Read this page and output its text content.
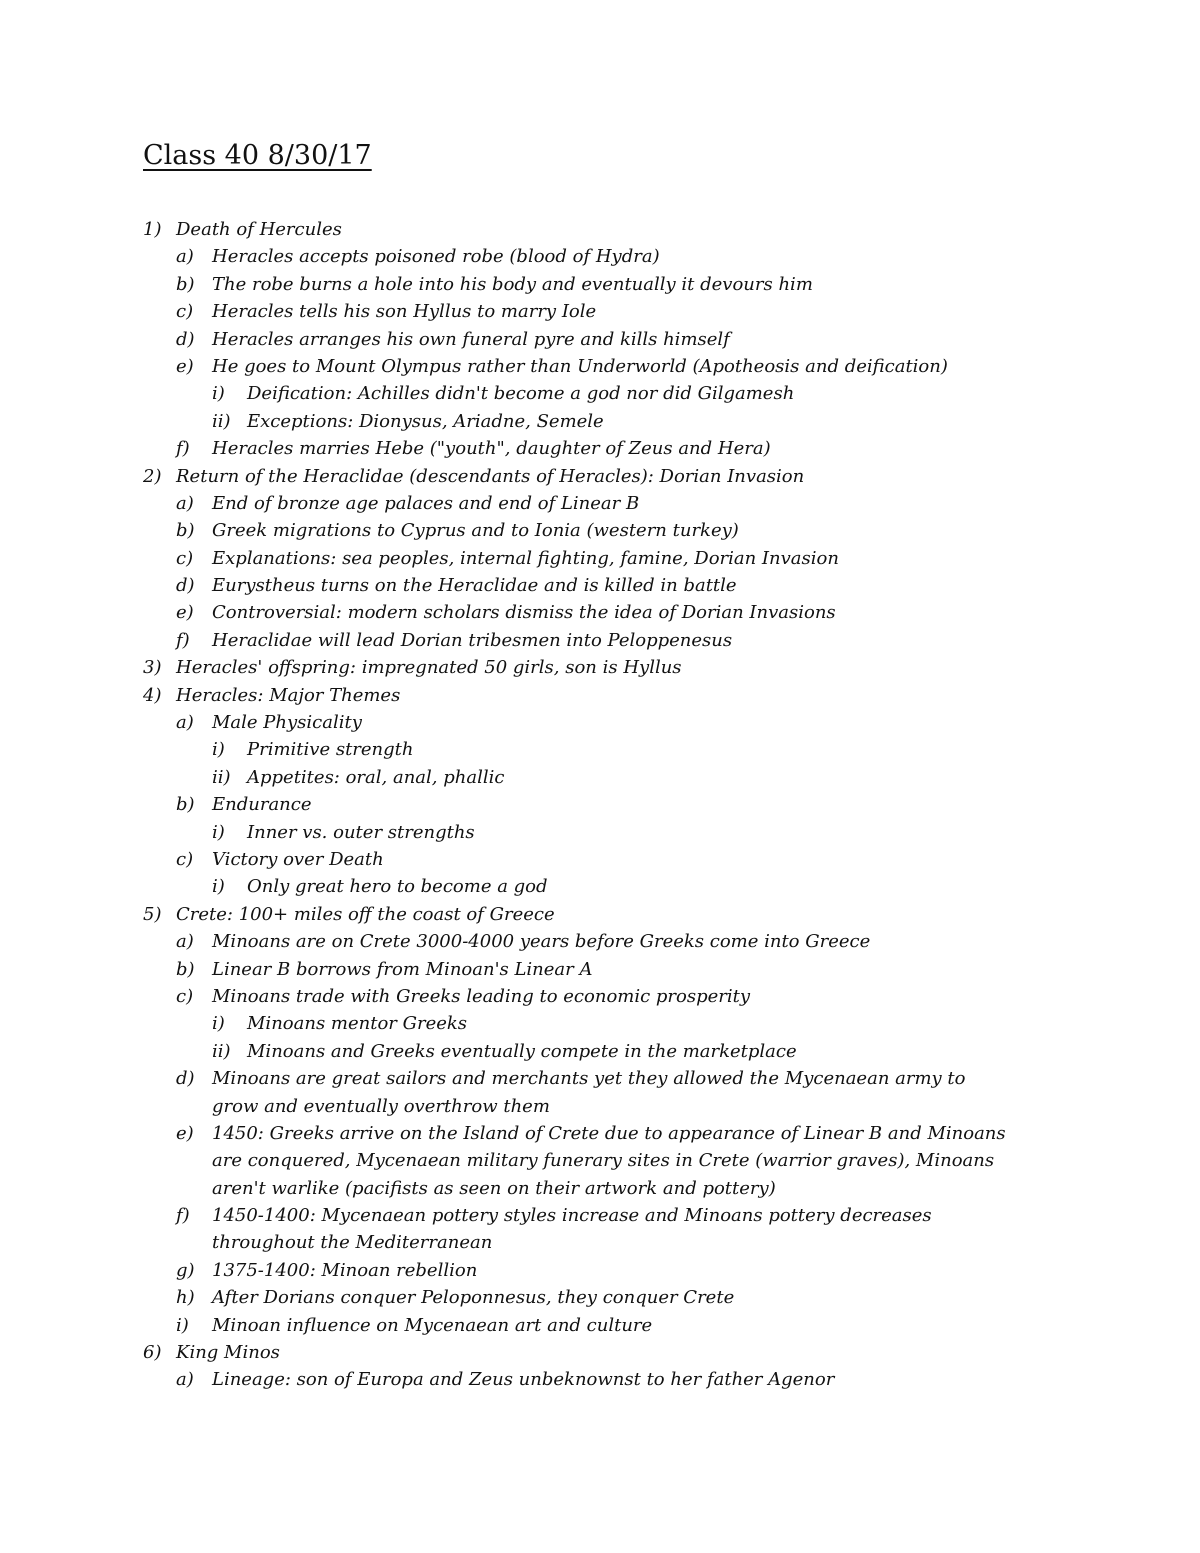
Class 40 8/30/17
1) Death of Hercules
a) Heracles accepts poisoned robe (blood of Hydra)
b) The robe burns a hole into his body and eventually it devours him
c) Heracles tells his son Hyllus to marry Iole
d) Heracles arranges his own funeral pyre and kills himself
e) He goes to Mount Olympus rather than Underworld (Apotheosis and deification)
i) Deification: Achilles didn't become a god nor did Gilgamesh
ii) Exceptions: Dionysus, Ariadne, Semele
f) Heracles marries Hebe ("youth", daughter of Zeus and Hera)
2) Return of the Heraclidae (descendants of Heracles): Dorian Invasion
a) End of bronze age palaces and end of Linear B
b) Greek migrations to Cyprus and to Ionia (western turkey)
c) Explanations: sea peoples, internal fighting, famine, Dorian Invasion
d) Eurystheus turns on the Heraclidae and is killed in battle
e) Controversial: modern scholars dismiss the idea of Dorian Invasions
f) Heraclidae will lead Dorian tribesmen into Peloppenesus
3) Heracles' offspring: impregnated 50 girls, son is Hyllus
4) Heracles: Major Themes
a) Male Physicality
i) Primitive strength
ii) Appetites: oral, anal, phallic
b) Endurance
i) Inner vs. outer strengths
c) Victory over Death
i) Only great hero to become a god
5) Crete: 100+ miles off the coast of Greece
a) Minoans are on Crete 3000-4000 years before Greeks come into Greece
b) Linear B borrows from Minoan's Linear A
c) Minoans trade with Greeks leading to economic prosperity
i) Minoans mentor Greeks
ii) Minoans and Greeks eventually compete in the marketplace
d) Minoans are great sailors and merchants yet they allowed the Mycenaean army to
grow and eventually overthrow them
e) 1450: Greeks arrive on the Island of Crete due to appearance of Linear B and Minoans
are conquered, Mycenaean military funerary sites in Crete (warrior graves), Minoans
aren't warlike (pacifists as seen on their artwork and pottery)
f) 1450-1400: Mycenaean pottery styles increase and Minoans pottery decreases
throughout the Mediterranean
g) 1375-1400: Minoan rebellion
h) After Dorians conquer Peloponnesus, they conquer Crete
i) Minoan influence on Mycenaean art and culture
6) King Minos
a) Lineage: son of Europa and Zeus unbeknownst to her father Agenor
